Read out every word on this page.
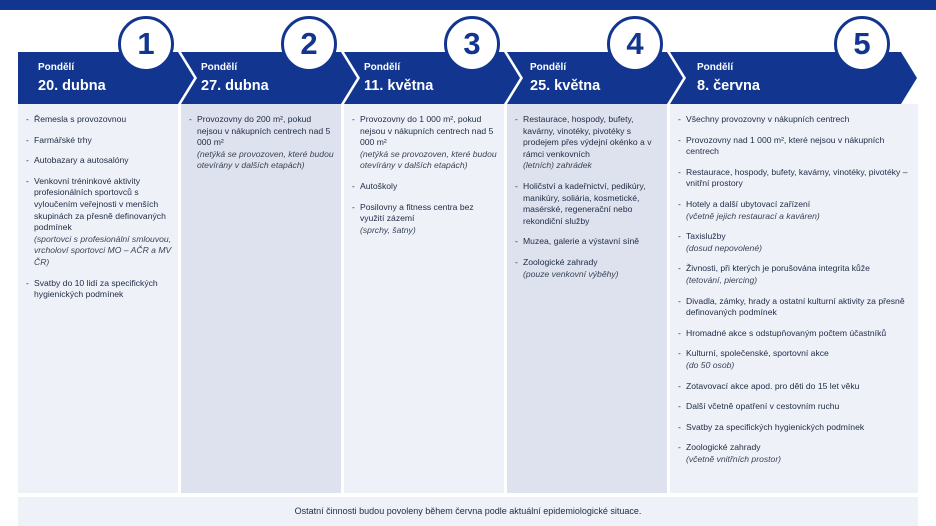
- Řemesla s provozovnou
- Farmářské trhy
- Autobazary a autosalóny
- Venkovní tréninkové aktivity profesionálních sportovců s vyloučením veřejnosti v menších skupinách za přesně definovaných podmínek
(sportovci s profesionální smlouvou, vrcholoví sportovci MO – AČR a MV ČR)
- Svatby do 10 lidí za specifických hygienických podmínek
- Provozovny do 200 m², pokud nejsou v nákupních centrech nad 5 000 m²
(netýká se provozoven, které budou otevírány v dalších etapách)
- Provozovny do 1 000 m², pokud nejsou v nákupních centrech nad 5 000 m²
(netýká se provozoven, které budou otevírány v dalších etapách)
- Autoškoly
- Posilovny a fitness centra bez využití zázemí
(sprchy, šatny)
- Restaurace, hospody, bufety, kavárny, vinotéky, pivotéky s prodejem přes výdejní okénko a v rámci venkovních
(letních) zahrádek
- Holičství a kadeřnictví, pedikúry, manikúry, soliária, kosmetické, masérské, regenerační nebo rekondiční služby
- Muzea, galerie a výstavní síně
- Zoologické zahrady
(pouze venkovní výběhy)
- Všechny provozovny v nákupních centrech
- Provozovny nad 1 000 m², které nejsou v nákupních centrech
- Restaurace, hospody, bufety, kavárny, vinotéky, pivotéky – vnitřní prostory
- Hotely a další ubytovací zařízení
(včetně jejich restaurací a kaváren)
- Taxislužby
(dosud nepovolené)
- Živnosti, při kterých je porušována integrita kůže
(tetování, piercing)
- Divadla, zámky, hrady a ostatní kulturní aktivity za přesně definovaných podmínek
- Hromadné akce s odstupňovaným počtem účastníků
- Kulturní, společenské, sportovní akce
(do 50 osob)
- Zotavovací akce apod. pro děti do 15 let věku
- Další včetně opatření v cestovním ruchu
- Svatby za specifických hygienických podmínek
- Zoologické zahrady
(včetně vnitřních prostor)
Pondělí
20. dubna
Pondělí
27. dubna
Pondělí
11. května
Pondělí
25. května
Pondělí
8. června
1	2	3	4	5
Ostatní činnosti budou povoleny během června podle aktuální epidemiologické situace.
